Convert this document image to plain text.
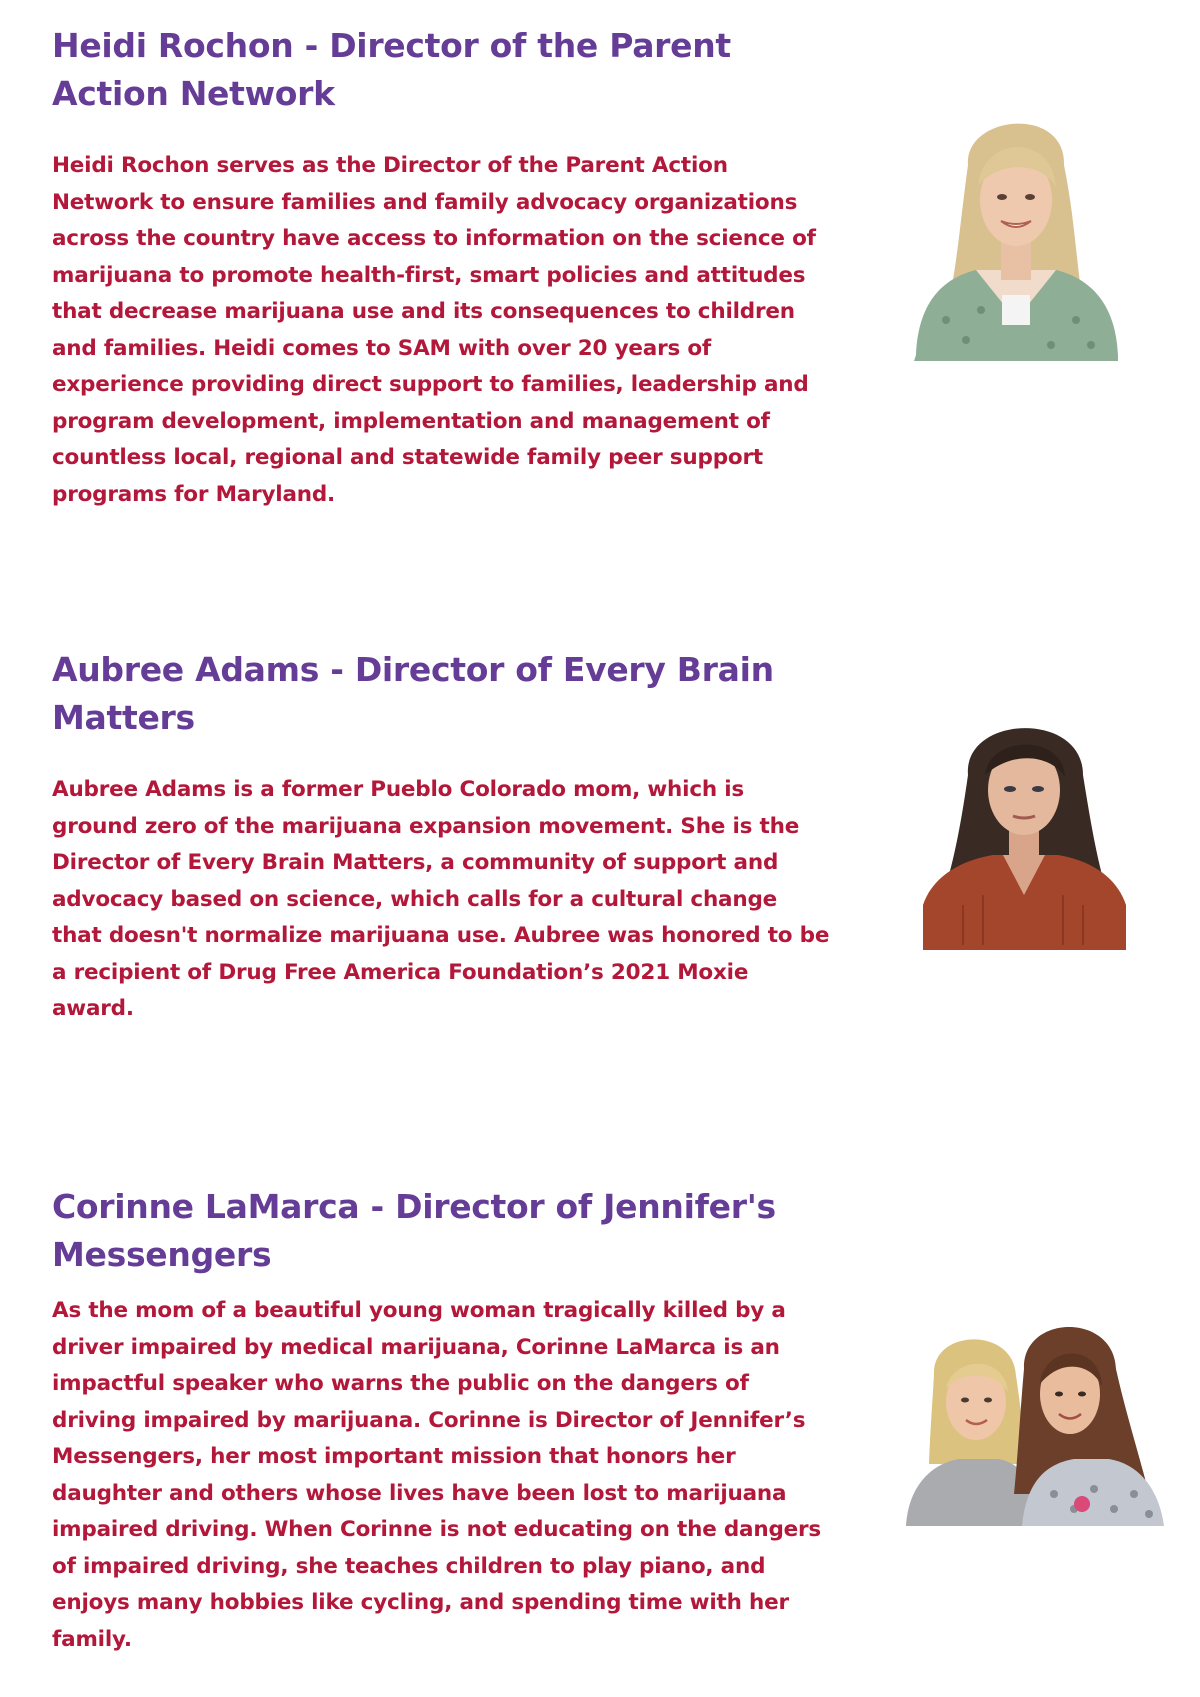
Heidi Rochon - Director of the Parent Action Network

Heidi Rochon serves as the Director of the Parent Action Network to ensure families and family advocacy organizations across the country have access to information on the science of marijuana to promote health-first, smart policies and attitudes that decrease marijuana use and its consequences to children and families. Heidi comes to SAM with over 20 years of experience providing direct support to families, leadership and program development, implementation and management of countless local, regional and statewide family peer support programs for Maryland.

Aubree Adams - Director of Every Brain Matters

Aubree Adams is a former Pueblo Colorado mom, which is ground zero of the marijuana expansion movement. She is the Director of Every Brain Matters, a community of support and advocacy based on science, which calls for a cultural change that doesn't normalize marijuana use. Aubree was honored to be a recipient of Drug Free America Foundation’s 2021 Moxie award.

Corinne LaMarca - Director of Jennifer's Messengers

As the mom of a beautiful young woman tragically killed by a driver impaired by medical marijuana, Corinne LaMarca is an impactful speaker who warns the public on the dangers of driving impaired by marijuana. Corinne is Director of Jennifer’s Messengers, her most important mission that honors her daughter and others whose lives have been lost to marijuana impaired driving. When Corinne is not educating on the dangers of impaired driving, she teaches children to play piano, and enjoys many hobbies like cycling, and spending time with her family.
